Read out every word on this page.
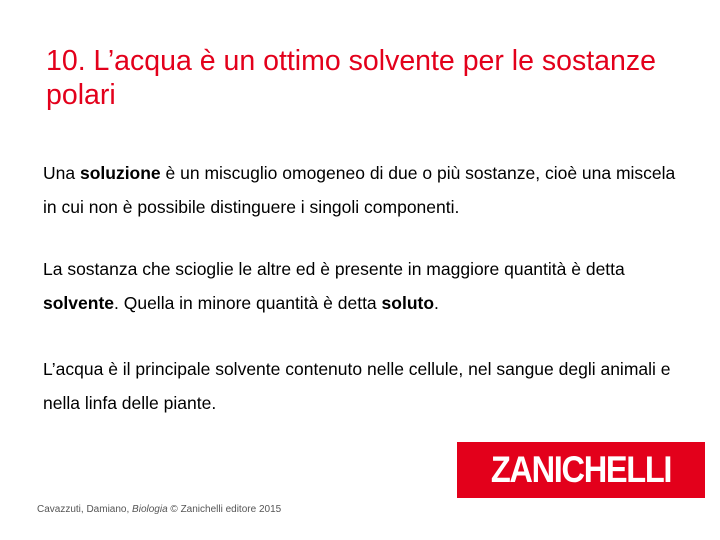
10. L’acqua è un ottimo solvente per le sostanze polari
Una soluzione è un miscuglio omogeneo di due o più sostanze, cioè una miscela in cui non è possibile distinguere i singoli componenti.
La sostanza che scioglie le altre ed è presente in maggiore quantità è detta solvente. Quella in minore quantità è detta soluto.
L’acqua è il principale solvente contenuto nelle cellule, nel sangue degli animali e nella linfa delle piante.
ZANICHELLI
Cavazzuti, Damiano, Biologia © Zanichelli editore 2015
